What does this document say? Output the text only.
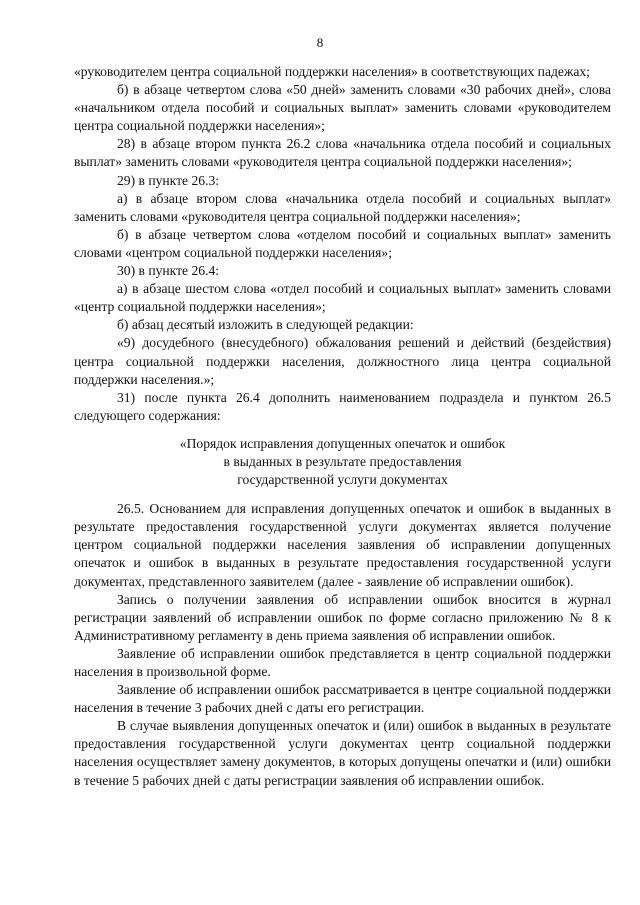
8

«руководителем центра социальной поддержки населения» в соответствующих падежах;

б) в абзаце четвертом слова «50 дней» заменить словами «30 рабочих дней», слова «начальником отдела пособий и социальных выплат» заменить словами «руководителем центра социальной поддержки населения»;

28) в абзаце втором пункта 26.2 слова «начальника отдела пособий и социальных выплат» заменить словами «руководителя центра социальной поддержки населения»;

29) в пункте 26.3:

а) в абзаце втором слова «начальника отдела пособий и социальных выплат» заменить словами «руководителя центра социальной поддержки населения»;

б) в абзаце четвертом слова «отделом пособий и социальных выплат» заменить словами «центром социальной поддержки населения»;

30) в пункте 26.4:

а) в абзаце шестом слова «отдел пособий и социальных выплат» заменить словами «центр социальной поддержки населения»;

б) абзац десятый изложить в следующей редакции:

«9) досудебного (внесудебного) обжалования решений и действий (бездействия) центра социальной поддержки населения, должностного лица центра социальной поддержки населения.»;

31) после пункта 26.4 дополнить наименованием подраздела и пунктом 26.5 следующего содержания:

«Порядок исправления допущенных опечаток и ошибок

в выданных в результате предоставления

государственной услуги документах

26.5. Основанием для исправления допущенных опечаток и ошибок в выданных в результате предоставления государственной услуги документах является получение центром социальной поддержки населения заявления об исправлении допущенных опечаток и ошибок в выданных в результате предоставления государственной услуги документах, представленного заявителем (далее - заявление об исправлении ошибок).

Запись о получении заявления об исправлении ошибок вносится в журнал регистрации заявлений об исправлении ошибок по форме согласно приложению № 8 к Административному регламенту в день приема заявления об исправлении ошибок.

Заявление об исправлении ошибок представляется в центр социальной поддержки населения в произвольной форме.

Заявление об исправлении ошибок рассматривается в центре социальной поддержки населения в течение 3 рабочих дней с даты его регистрации.

В случае выявления допущенных опечаток и (или) ошибок в выданных в результате предоставления государственной услуги документах центр социальной поддержки населения осуществляет замену документов, в которых допущены опечатки и (или) ошибки в течение 5 рабочих дней с даты регистрации заявления об исправлении ошибок.
